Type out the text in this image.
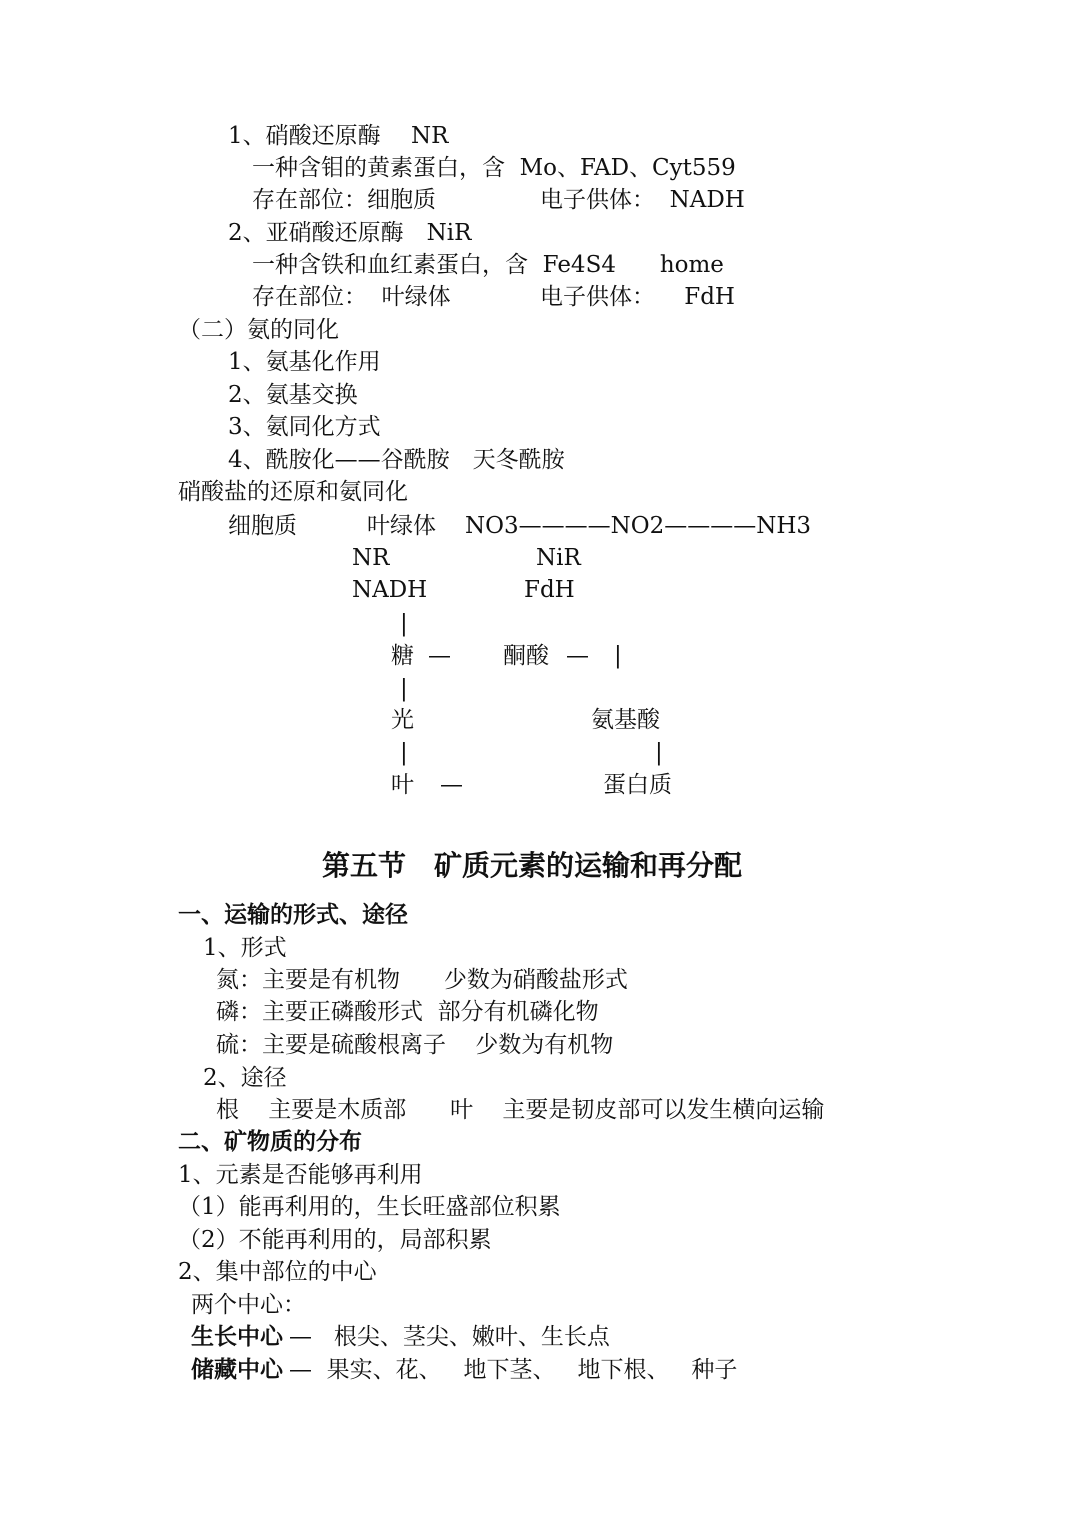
1、硝酸还原酶　 NR
一种含钼的黄素蛋白，含  Mo、FAD、Cyt559
存在部位：细胞质	电子供体：  NADH
2、亚硝酸还原酶　NiR
一种含铁和血红素蛋白，含  Fe4S4      home
存在部位：  叶绿体	电子供体：    FdH
（二）氨的同化
1、氨基化作用
2、氨基交换
3、氨同化方式
4、酰胺化——谷酰胺　天冬酰胺
硝酸盐的还原和氨同化
细胞质	叶绿体 NO3————NO2————NH3
NR	NiR
NADH	FdH
|
糖 — 酮酸 — |
|
光	氨基酸
|	|
叶 —	蛋白质
第五节　矿质元素的运输和再分配
一、运输的形式、途径
1、形式
氮：主要是有机物      少数为硝酸盐形式
磷：主要正磷酸形式  部分有机磷化物
硫：主要是硫酸根离子    少数为有机物
2、途径
根    主要是木质部      叶    主要是韧皮部可以发生横向运输
二、矿物质的分布
1、元素是否能够再利用
（1）能再利用的，生长旺盛部位积累
（2）不能再利用的，局部积累
2、集中部位的中心
两个中心：
生长中心 —   根尖、茎尖、嫩叶、生长点
储藏中心 —  果实、花、   地下茎、   地下根、   种子
